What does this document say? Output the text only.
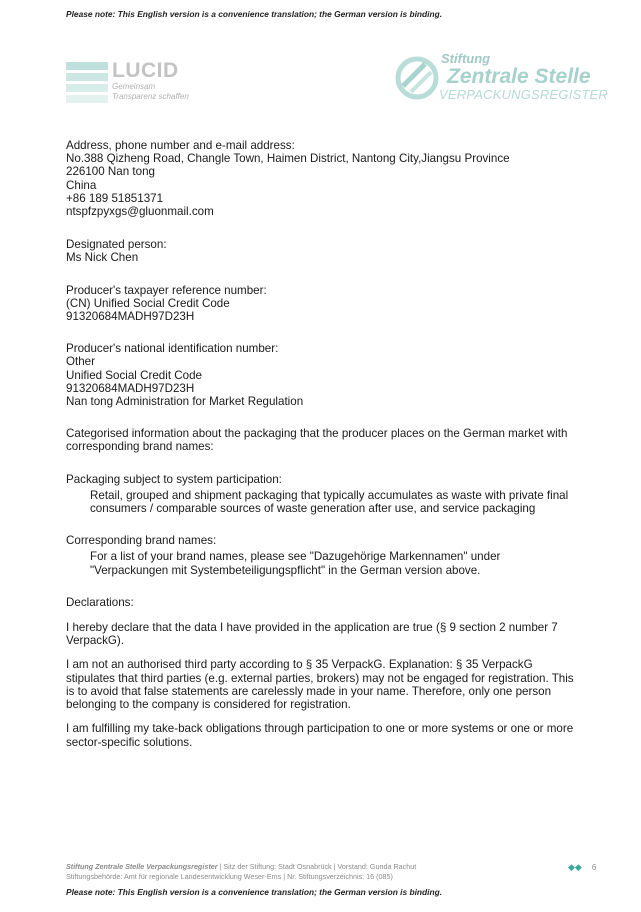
Please note: This English version is a convenience translation; the German version is binding.
LUCID
Gemeinsam
Transparenz schaffen
Stiftung
Zentrale Stelle
VERPACKUNGSREGISTER

Address, phone number and e-mail address:

No.388 Qizheng Road, Changle Town, Haimen District, Nantong City,Jiangsu Province

226100 Nan tong

China

+86 189 51851371

ntspfzpyxgs@gluonmail.com

Designated person:

Ms Nick Chen

Producer's taxpayer reference number:

(CN) Unified Social Credit Code

91320684MADH97D23H

Producer's national identification number:

Other

Unified Social Credit Code

91320684MADH97D23H

Nan tong Administration for Market Regulation

Categorised information about the packaging that the producer places on the German market with

corresponding brand names:

Packaging subject to system participation:

Retail, grouped and shipment packaging that typically accumulates as waste with private final

consumers / comparable sources of waste generation after use, and service packaging

Corresponding brand names:

For a list of your brand names, please see "Dazugehörige Markennamen" under

"Verpackungen mit Systembeteiligungspflicht" in the German version above.

Declarations:

I hereby declare that the data I have provided in the application are true (§ 9 section 2 number 7

VerpackG).

I am not an authorised third party according to § 35 VerpackG. Explanation: § 35 VerpackG

stipulates that third parties (e.g. external parties, brokers) may not be engaged for registration. This

is to avoid that false statements are carelessly made in your name. Therefore, only one person

belonging to the company is considered for registration.

I am fulfilling my take-back obligations through participation to one or more systems or one or more

sector-specific solutions.

Stiftung Zentrale Stelle Verpackungsregister | Sitz der Stiftung: Stadt Osnabrück | Vorstand: Gunda Rachut
Stiftungsbehörde: Amt für regionale Landesentwicklung Weser-Ems | Nr. Stiftungsverzeichnis: 16 (085)
◆◆ 6
Please note: This English version is a convenience translation; the German version is binding.
